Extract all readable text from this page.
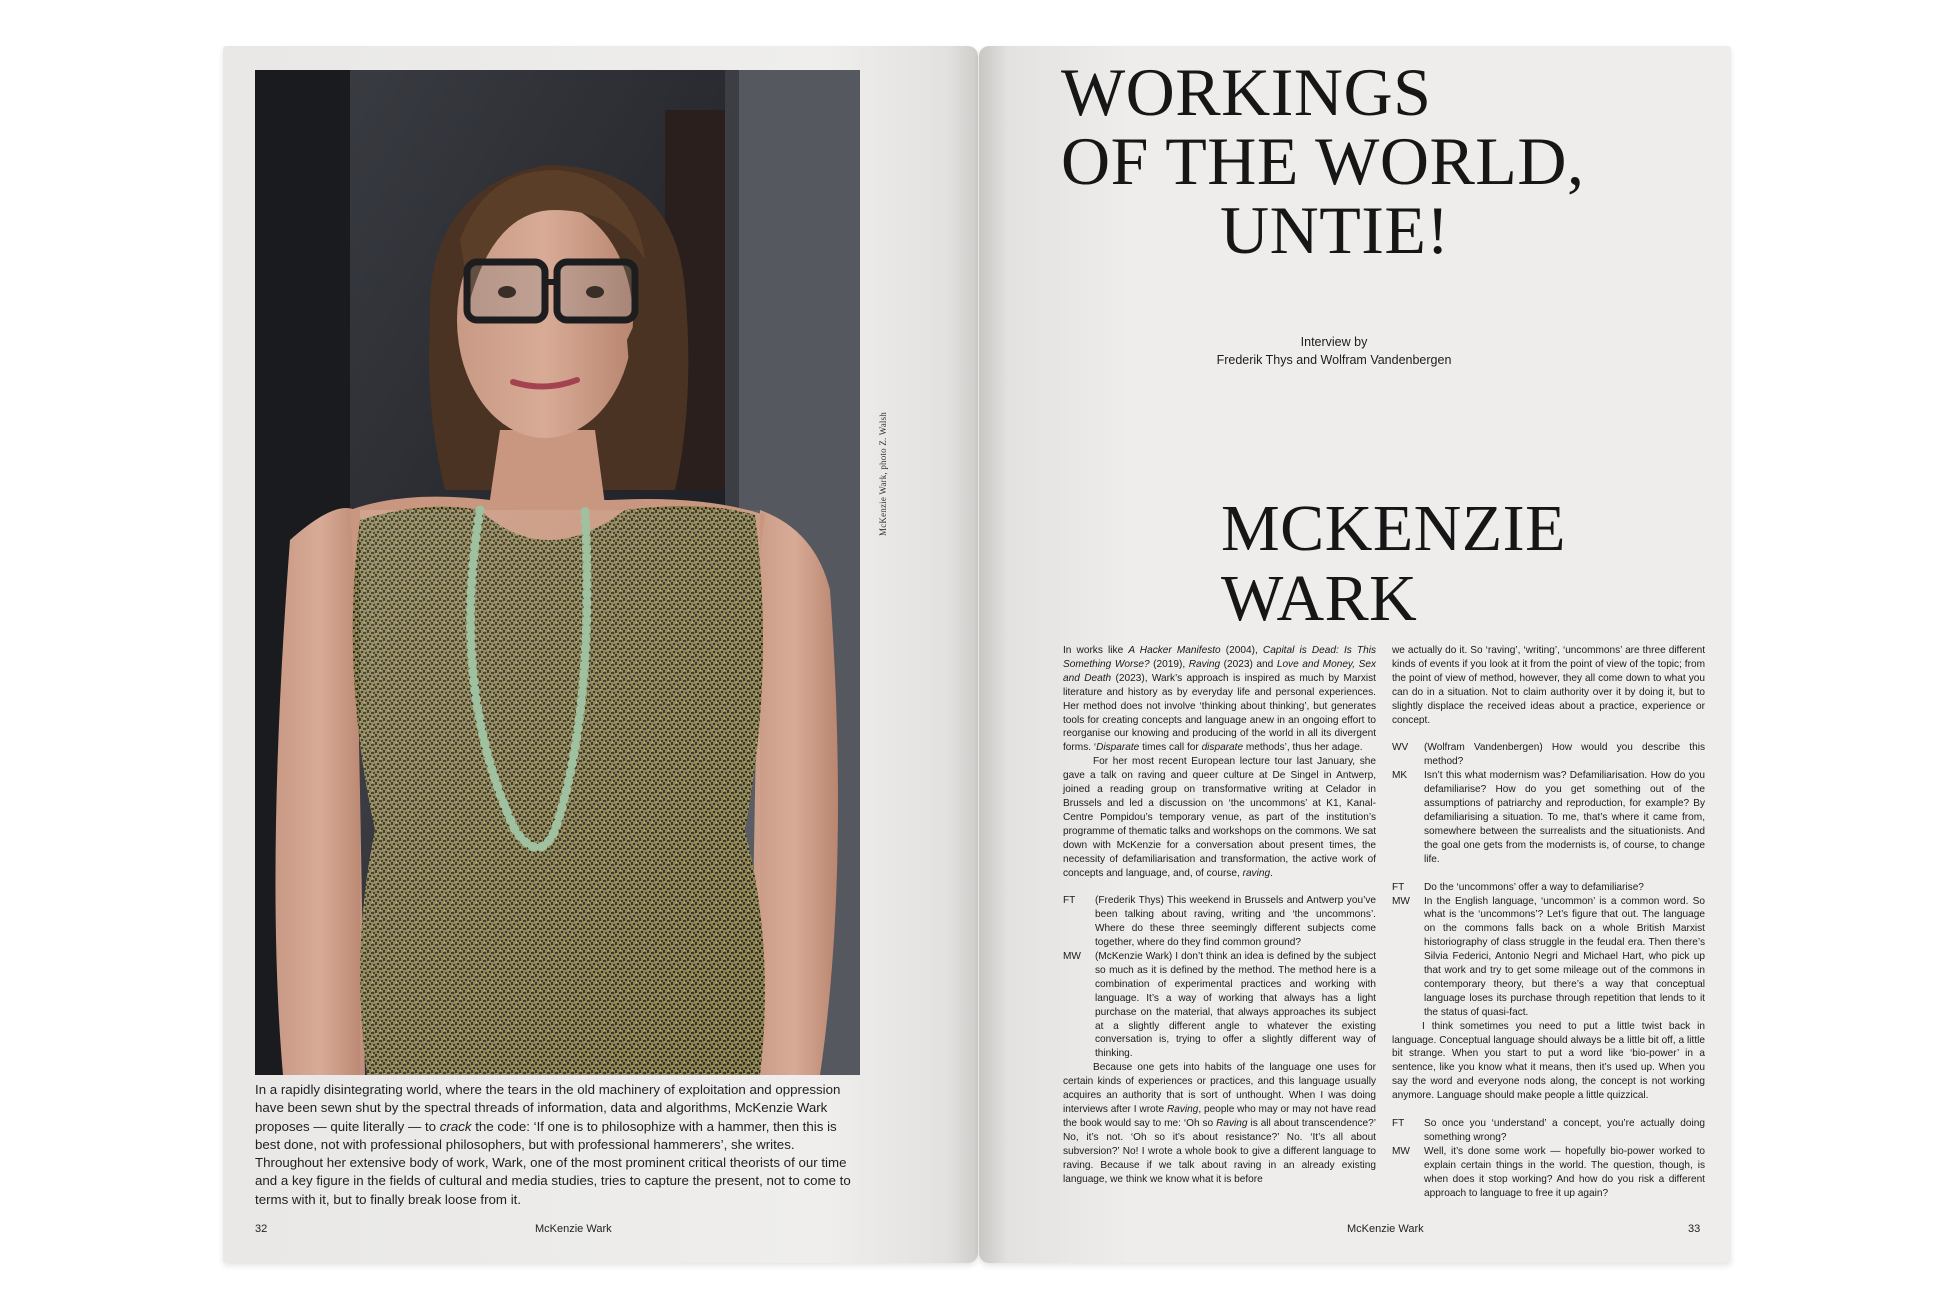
McKenzie Wark, photo Z. Walsh
In a rapidly disintegrating world, where the tears in the old machinery of exploitation and oppression have been sewn shut by the spectral threads of information, data and algorithms, McKenzie Wark proposes — quite literally — to crack the code: ‘If one is to philosophize with a hammer, then this is best done, not with professional philosophers, but with professional hammerers’, she writes. Throughout her extensive body of work, Wark, one of the most prominent critical theorists of our time and a key figure in the fields of cultural and media studies, tries to capture the present, not to come to terms with it, but to finally break loose from it.
32	McKenzie Wark
WORKINGS
OF THE WORLD,
UNTIE!
Interview by
Frederik Thys and Wolfram Vandenbergen
MCKENZIE
WARK

In works like A Hacker Manifesto (2004), Capital is Dead: Is This Something Worse? (2019), Raving (2023) and Love and Money, Sex and Death (2023), Wark’s approach is inspired as much by Marxist literature and history as by everyday life and personal experiences. Her method does not involve ‘thinking about thinking’, but generates tools for creating concepts and language anew in an ongoing effort to reorganise our knowing and producing of the world in all its divergent forms. ‘Disparate times call for disparate methods’, thus her adage.

For her most recent European lecture tour last January, she gave a talk on raving and queer culture at De Singel in Antwerp, joined a reading group on transformative writing at Celador in Brussels and led a discussion on ‘the uncommons’ at K1, Kanal-Centre Pompidou’s temporary venue, as part of the institution’s programme of thematic talks and workshops on the commons. We sat down with McKenzie for a conversation about present times, the necessity of defamiliarisation and transformation, the active work of concepts and language, and, of course, raving.

FT	(Frederik Thys) This weekend in Brussels and Antwerp you’ve been talking about raving, writing and ‘the uncommons’. Where do these three seemingly different subjects come together, where do they find common ground?
MW	(McKenzie Wark) I don’t think an idea is defined by the subject so much as it is defined by the method. The method here is a combination of experimental practices and working with language. It’s a way of working that always has a light purchase on the material, that always approaches its subject at a slightly different angle to whatever the existing conversation is, trying to offer a slightly different way of thinking.

Because one gets into habits of the language one uses for certain kinds of experiences or practices, and this language usually acquires an authority that is sort of unthought. When I was doing interviews after I wrote Raving, people who may or may not have read the book would say to me: ‘Oh so Raving is all about transcendence?’ No, it’s not. ‘Oh so it’s about resistance?’ No. ‘It’s all about subversion?’ No! I wrote a whole book to give a different language to raving. Because if we talk about raving in an already existing language, we think we know what it is before

we actually do it. So ‘raving’, ‘writing’, ‘uncommons’ are three different kinds of events if you look at it from the point of view of the topic; from the point of view of method, however, they all come down to what you can do in a situation. Not to claim authority over it by doing it, but to slightly displace the received ideas about a practice, experience or concept.

WV	(Wolfram Vandenbergen) How would you describe this method?
MK	Isn’t this what modernism was? Defamiliarisation. How do you defamiliarise? How do you get something out of the assumptions of patriarchy and reproduction, for example? By defamiliarising a situation. To me, that’s where it came from, somewhere between the surrealists and the situationists. And the goal one gets from the modernists is, of course, to change life.
FT	Do the ‘uncommons’ offer a way to defamiliarise?
MW	In the English language, ‘uncommon’ is a common word. So what is the ‘uncommons’? Let’s figure that out. The language on the commons falls back on a whole British Marxist historiography of class struggle in the feudal era. Then there’s Silvia Federici, Antonio Negri and Michael Hart, who pick up that work and try to get some mileage out of the commons in contemporary theory, but there’s a way that conceptual language loses its purchase through repetition that lends to it the status of quasi-fact.

I think sometimes you need to put a little twist back in language. Conceptual language should always be a little bit off, a little bit strange. When you start to put a word like ‘bio-power’ in a sentence, like you know what it means, then it’s used up. When you say the word and everyone nods along, the concept is not working anymore. Language should make people a little quizzical.

FT	So once you ‘understand’ a concept, you’re actually doing something wrong?
MW	Well, it’s done some work — hopefully bio-power worked to explain certain things in the world. The question, though, is when does it stop working? And how do you risk a different approach to language to free it up again?
McKenzie Wark	33
